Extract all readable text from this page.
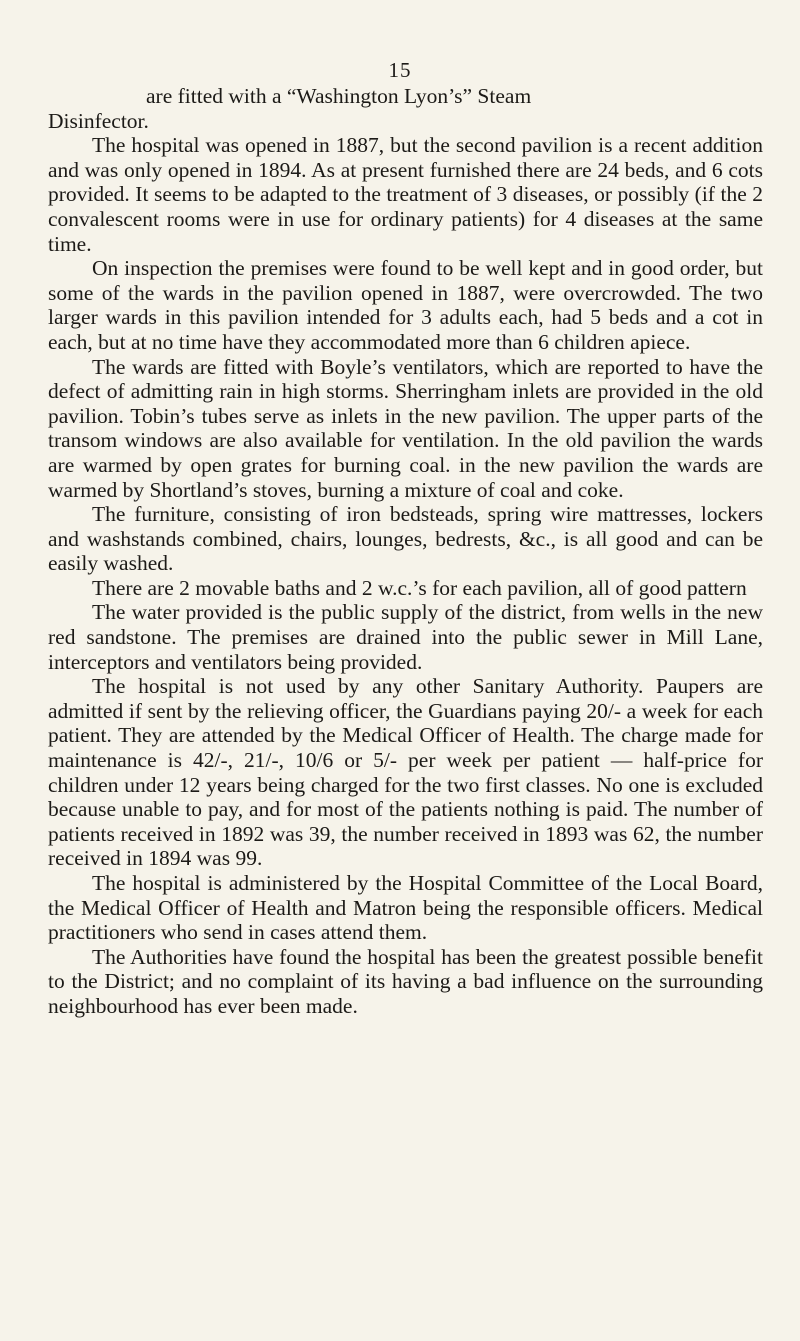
15

are fitted with a “Washington Lyon’s” Steam
Disinfector.

The hospital was opened in 1887, but the second pavilion is a recent addition and was only opened in 1894. As at present furnished there are 24 beds, and 6 cots provided. It seems to be adapted to the treatment of 3 diseases, or possibly (if the 2 convalescent rooms were in use for ordinary patients) for 4 diseases at the same time.

On inspection the premises were found to be well kept and in good order, but some of the wards in the pavilion opened in 1887, were overcrowded. The two larger wards in this pavilion intended for 3 adults each, had 5 beds and a cot in each, but at no time have they accommodated more than 6 children apiece.

The wards are fitted with Boyle’s ventilators, which are reported to have the defect of admitting rain in high storms. Sherringham inlets are provided in the old pavilion. Tobin’s tubes serve as inlets in the new pavilion. The upper parts of the transom windows are also available for ventilation. In the old pavilion the wards are warmed by open grates for burning coal. in the new pavilion the wards are warmed by Shortland’s stoves, burning a mixture of coal and coke.

The furniture, consisting of iron bedsteads, spring wire mattresses, lockers and washstands combined, chairs, lounges, bedrests, &c., is all good and can be easily washed.

There are 2 movable baths and 2 w.c.’s for each pavilion, all of good pattern

The water provided is the public supply of the district, from wells in the new red sandstone. The premises are drained into the public sewer in Mill Lane, interceptors and ventilators being provided.

The hospital is not used by any other Sanitary Authority. Paupers are admitted if sent by the relieving officer, the Guardians paying 20/- a week for each patient. They are attended by the Medical Officer of Health. The charge made for maintenance is 42/-, 21/-, 10/6 or 5/- per week per patient — half-price for children under 12 years being charged for the two first classes. No one is excluded because unable to pay, and for most of the patients nothing is paid. The number of patients received in 1892 was 39, the number received in 1893 was 62, the number received in 1894 was 99.

The hospital is administered by the Hospital Committee of the Local Board, the Medical Officer of Health and Matron being the responsible officers. Medical practitioners who send in cases attend them.

The Authorities have found the hospital has been the greatest possible benefit to the District; and no complaint of its having a bad influence on the surrounding neighbourhood has ever been made.
